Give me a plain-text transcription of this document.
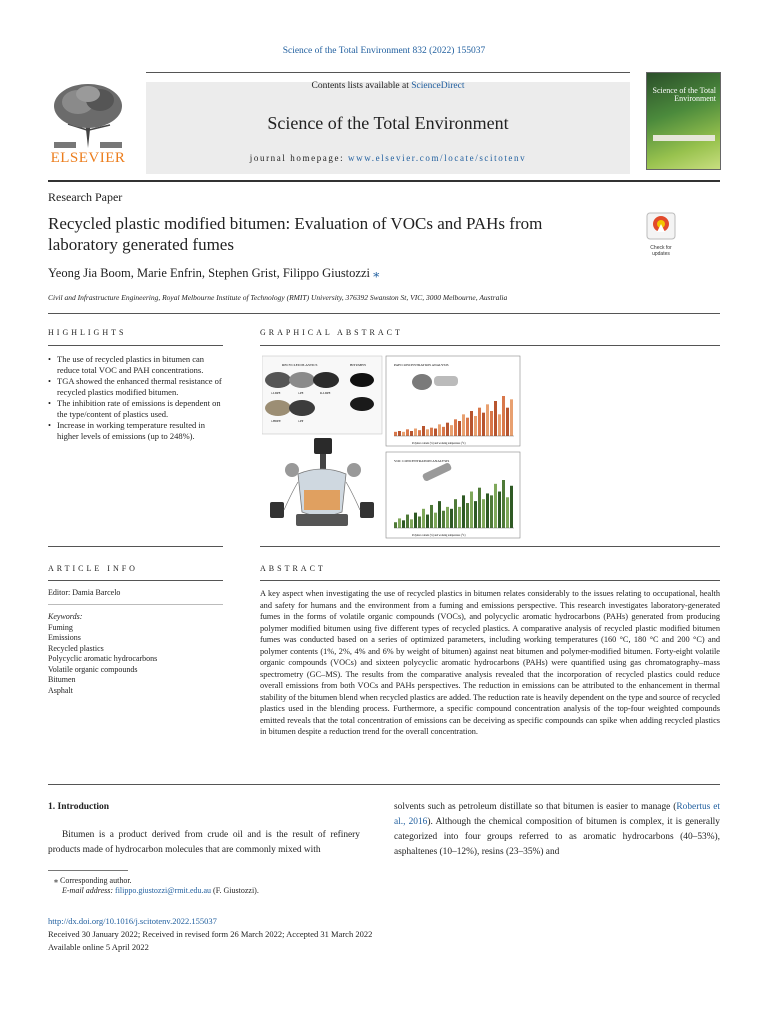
Science of the Total Environment 832 (2022) 155037
Contents lists available at ScienceDirect
Science of the Total Environment
journal homepage: www.elsevier.com/locate/scitotenv
ELSEVIER
Science of the Total Environment
Research Paper
Recycled plastic modified bitumen: Evaluation of VOCs and PAHs from laboratory generated fumes	Check for updates
Yeong Jia Boom, Marie Enfrin, Stephen Grist, Filippo Giustozzi ⁎
Civil and Infrastructure Engineering, Royal Melbourne Institute of Technology (RMIT) University, 376392 Swanston St, VIC, 3000 Melbourne, Australia
HIGHLIGHTS
• The use of recycled plastics in bitumen can reduce total VOC and PAH concentrations.
• TGA showed the enhanced thermal resistance of recycled plastics modified bitumen.
• The inhibition rate of emissions is dependent on the type/content of plastics used.
• Increase in working temperature resulted in higher levels of emissions (up to 248%).
GRAPHICAL ABSTRACT
RECYCLED PLASTICS	BITUMEN
r-LDPE	r-PE	R-LDPE
r-HDPE	r-PP
PAH CONCENTRATION ANALYSIS
Polymer content (%) and working temperature (°C)
VOC CONCENTRATION ANALYSIS
Polymer content (%) and working temperature (°C)
ARTICLE INFO
Editor: Damia Barcelo
Keywords:
Fuming
Emissions
Recycled plastics
Polycyclic aromatic hydrocarbons
Volatile organic compounds
Bitumen
Asphalt
ABSTRACT
A key aspect when investigating the use of recycled plastics in bitumen relates considerably to the issues relating to occupational, health and safety for humans and the environment from a fuming and emissions perspective. This research investigates laboratory-generated fumes in the forms of volatile organic compounds (VOCs), and polycyclic aromatic hydrocarbons (PAHs) generated from producing polymer modified bitumen using five different types of recycled plastics. A comparative analysis of recycled plastic modified bitumen fumes was conducted based on a series of optimized parameters, including working temperatures (160 °C, 180 °C and 200 °C) and polymer contents (1%, 2%, 4% and 6% by weight of bitumen) against neat bitumen and polymer-modified bitumen. Forty-eight volatile organic compounds (VOCs) and sixteen polycyclic aromatic hydrocarbons (PAHs) were quantified using gas chromatography–mass spectrometry (GC–MS). The results from the comparative analysis revealed that the incorporation of recycled plastics could reduce overall emissions from both VOCs and PAHs perspectives. The reduction in emissions can be attributed to the enhancement in thermal stability of the bitumen blend when recycled plastics are added. The reduction rate is heavily dependent on the type and source of recycled plastics used in the blending process. Furthermore, a specific compound concentration analysis of the top-four weighted compounds emitted reveals that the total concentration of emissions can be deceiving as specific compounds can spike when adding recycled plastics in bitumen despite a reduction trend for the overall concentration.
1. Introduction
Bitumen is a product derived from crude oil and is the result of refinery products made of hydrocarbon molecules that are commonly mixed with
solvents such as petroleum distillate so that bitumen is easier to manage (Robertus et al., 2016). Although the chemical composition of bitumen is complex, it is generally categorized into four groups referred to as aromatic hydrocarbons (40–53%), asphaltenes (10–12%), resins (23–35%) and
⁎ Corresponding author.
E-mail address: filippo.giustozzi@rmit.edu.au (F. Giustozzi).
http://dx.doi.org/10.1016/j.scitotenv.2022.155037
Received 30 January 2022; Received in revised form 26 March 2022; Accepted 31 March 2022
Available online 5 April 2022
